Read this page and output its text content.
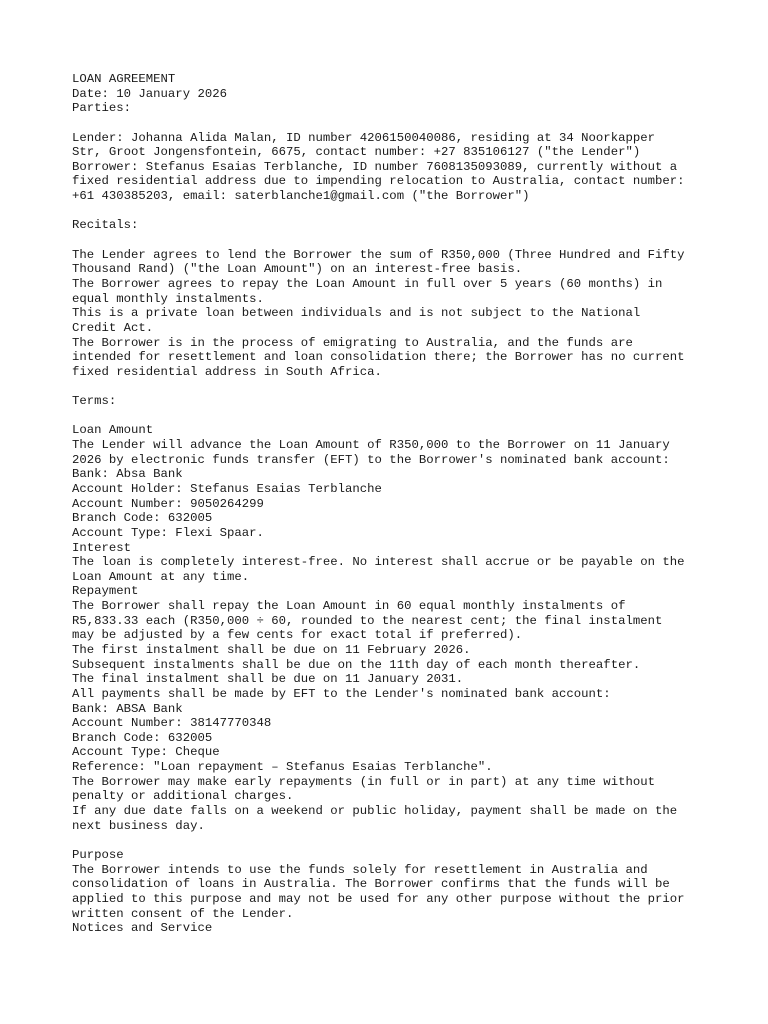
LOAN AGREEMENT
Date: 10 January 2026
Parties:
Lender: Johanna Alida Malan, ID number 4206150040086, residing at 34 Noorkapper
Str, Groot Jongensfontein, 6675, contact number: +27 835106127 ("the Lender")
Borrower: Stefanus Esaias Terblanche, ID number 7608135093089, currently without a
fixed residential address due to impending relocation to Australia, contact number:
+61 430385203, email: saterblanche1@gmail.com ("the Borrower")
Recitals:
The Lender agrees to lend the Borrower the sum of R350,000 (Three Hundred and Fifty
Thousand Rand) ("the Loan Amount") on an interest-free basis.
The Borrower agrees to repay the Loan Amount in full over 5 years (60 months) in
equal monthly instalments.
This is a private loan between individuals and is not subject to the National
Credit Act.
The Borrower is in the process of emigrating to Australia, and the funds are
intended for resettlement and loan consolidation there; the Borrower has no current
fixed residential address in South Africa.
Terms:
Loan Amount
The Lender will advance the Loan Amount of R350,000 to the Borrower on 11 January
2026 by electronic funds transfer (EFT) to the Borrower's nominated bank account:
Bank: Absa Bank
Account Holder: Stefanus Esaias Terblanche
Account Number: 9050264299
Branch Code: 632005
Account Type: Flexi Spaar.
Interest
The loan is completely interest-free. No interest shall accrue or be payable on the
Loan Amount at any time.
Repayment
The Borrower shall repay the Loan Amount in 60 equal monthly instalments of
R5,833.33 each (R350,000 ÷ 60, rounded to the nearest cent; the final instalment
may be adjusted by a few cents for exact total if preferred).
The first instalment shall be due on 11 February 2026.
Subsequent instalments shall be due on the 11th day of each month thereafter.
The final instalment shall be due on 11 January 2031.
All payments shall be made by EFT to the Lender's nominated bank account:
Bank: ABSA Bank
Account Number: 38147770348
Branch Code: 632005
Account Type: Cheque
Reference: "Loan repayment – Stefanus Esaias Terblanche".
The Borrower may make early repayments (in full or in part) at any time without
penalty or additional charges.
If any due date falls on a weekend or public holiday, payment shall be made on the
next business day.
Purpose
The Borrower intends to use the funds solely for resettlement in Australia and
consolidation of loans in Australia. The Borrower confirms that the funds will be
applied to this purpose and may not be used for any other purpose without the prior
written consent of the Lender.
Notices and Service
